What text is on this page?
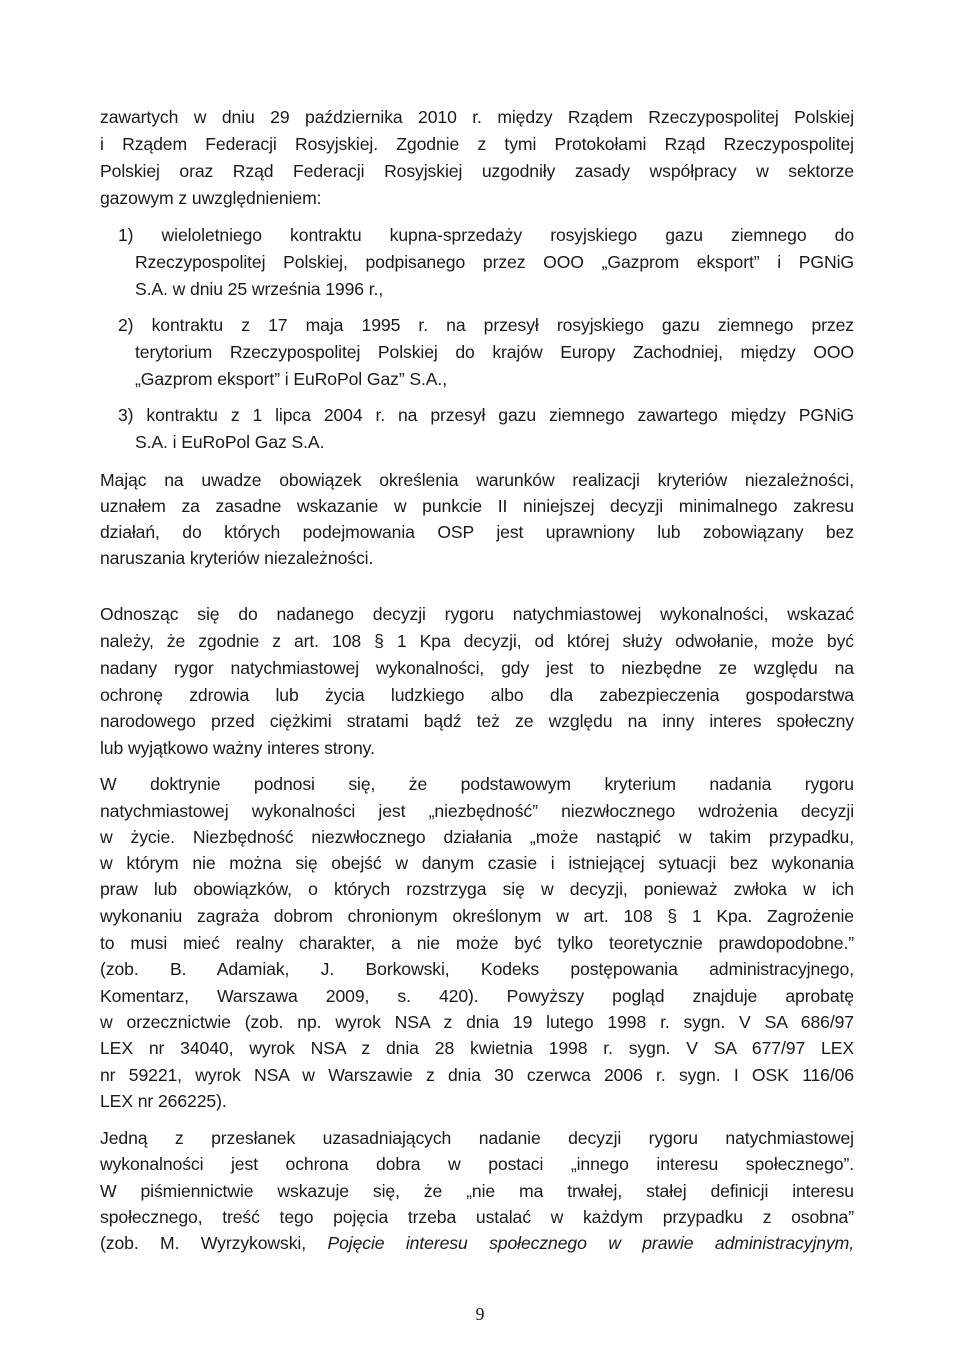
zawartych w dniu 29 października 2010 r. między Rządem Rzeczypospolitej Polskiej
i Rządem Federacji Rosyjskiej. Zgodnie z tymi Protokołami Rząd Rzeczypospolitej
Polskiej oraz Rząd Federacji Rosyjskiej uzgodniły zasady współpracy w sektorze
gazowym z uwzględnieniem:
1) wieloletniego kontraktu kupna-sprzedaży rosyjskiego gazu ziemnego do
Rzeczypospolitej Polskiej, podpisanego przez OOO „Gazprom eksport” i PGNiG
S.A. w dniu 25 września 1996 r.,
2) kontraktu z 17 maja 1995 r. na przesył rosyjskiego gazu ziemnego przez
terytorium Rzeczypospolitej Polskiej do krajów Europy Zachodniej, między OOO
„Gazprom eksport” i EuRoPol Gaz” S.A.,
3) kontraktu z 1 lipca 2004 r. na przesył gazu ziemnego zawartego między PGNiG
S.A. i EuRoPol Gaz S.A.
Mając na uwadze obowiązek określenia warunków realizacji kryteriów niezależności,
uznałem za zasadne wskazanie w punkcie II niniejszej decyzji minimalnego zakresu
działań, do których podejmowania OSP jest uprawniony lub zobowiązany bez
naruszania kryteriów niezależności.
Odnosząc się do nadanego decyzji rygoru natychmiastowej wykonalności, wskazać
należy, że zgodnie z art. 108 § 1 Kpa decyzji, od której służy odwołanie, może być
nadany rygor natychmiastowej wykonalności, gdy jest to niezbędne ze względu na
ochronę zdrowia lub życia ludzkiego albo dla zabezpieczenia gospodarstwa
narodowego przed ciężkimi stratami bądź też ze względu na inny interes społeczny
lub wyjątkowo ważny interes strony.
W doktrynie podnosi się, że podstawowym kryterium nadania rygoru
natychmiastowej wykonalności jest „niezbędność” niezwłocznego wdrożenia decyzji
w życie. Niezbędność niezwłocznego działania „może nastąpić w takim przypadku,
w którym nie można się obejść w danym czasie i istniejącej sytuacji bez wykonania
praw lub obowiązków, o których rozstrzyga się w decyzji, ponieważ zwłoka w ich
wykonaniu zagraża dobrom chronionym określonym w art. 108 § 1 Kpa. Zagrożenie
to musi mieć realny charakter, a nie może być tylko teoretycznie prawdopodobne.”
(zob. B. Adamiak, J. Borkowski, Kodeks postępowania administracyjnego,
Komentarz, Warszawa 2009, s. 420). Powyższy pogląd znajduje aprobatę
w orzecznictwie (zob. np. wyrok NSA z dnia 19 lutego 1998 r. sygn. V SA 686/97
LEX nr 34040, wyrok NSA z dnia 28 kwietnia 1998 r. sygn. V SA 677/97 LEX
nr 59221, wyrok NSA w Warszawie z dnia 30 czerwca 2006 r. sygn. I OSK 116/06
LEX nr 266225).
Jedną z przesłanek uzasadniających nadanie decyzji rygoru natychmiastowej
wykonalności jest ochrona dobra w postaci „innego interesu społecznego”.
W piśmiennictwie wskazuje się, że „nie ma trwałej, stałej definicji interesu
społecznego, treść tego pojęcia trzeba ustalać w każdym przypadku z osobna”
(zob. M. Wyrzykowski, Pojęcie interesu społecznego w prawie administracyjnym,
9
